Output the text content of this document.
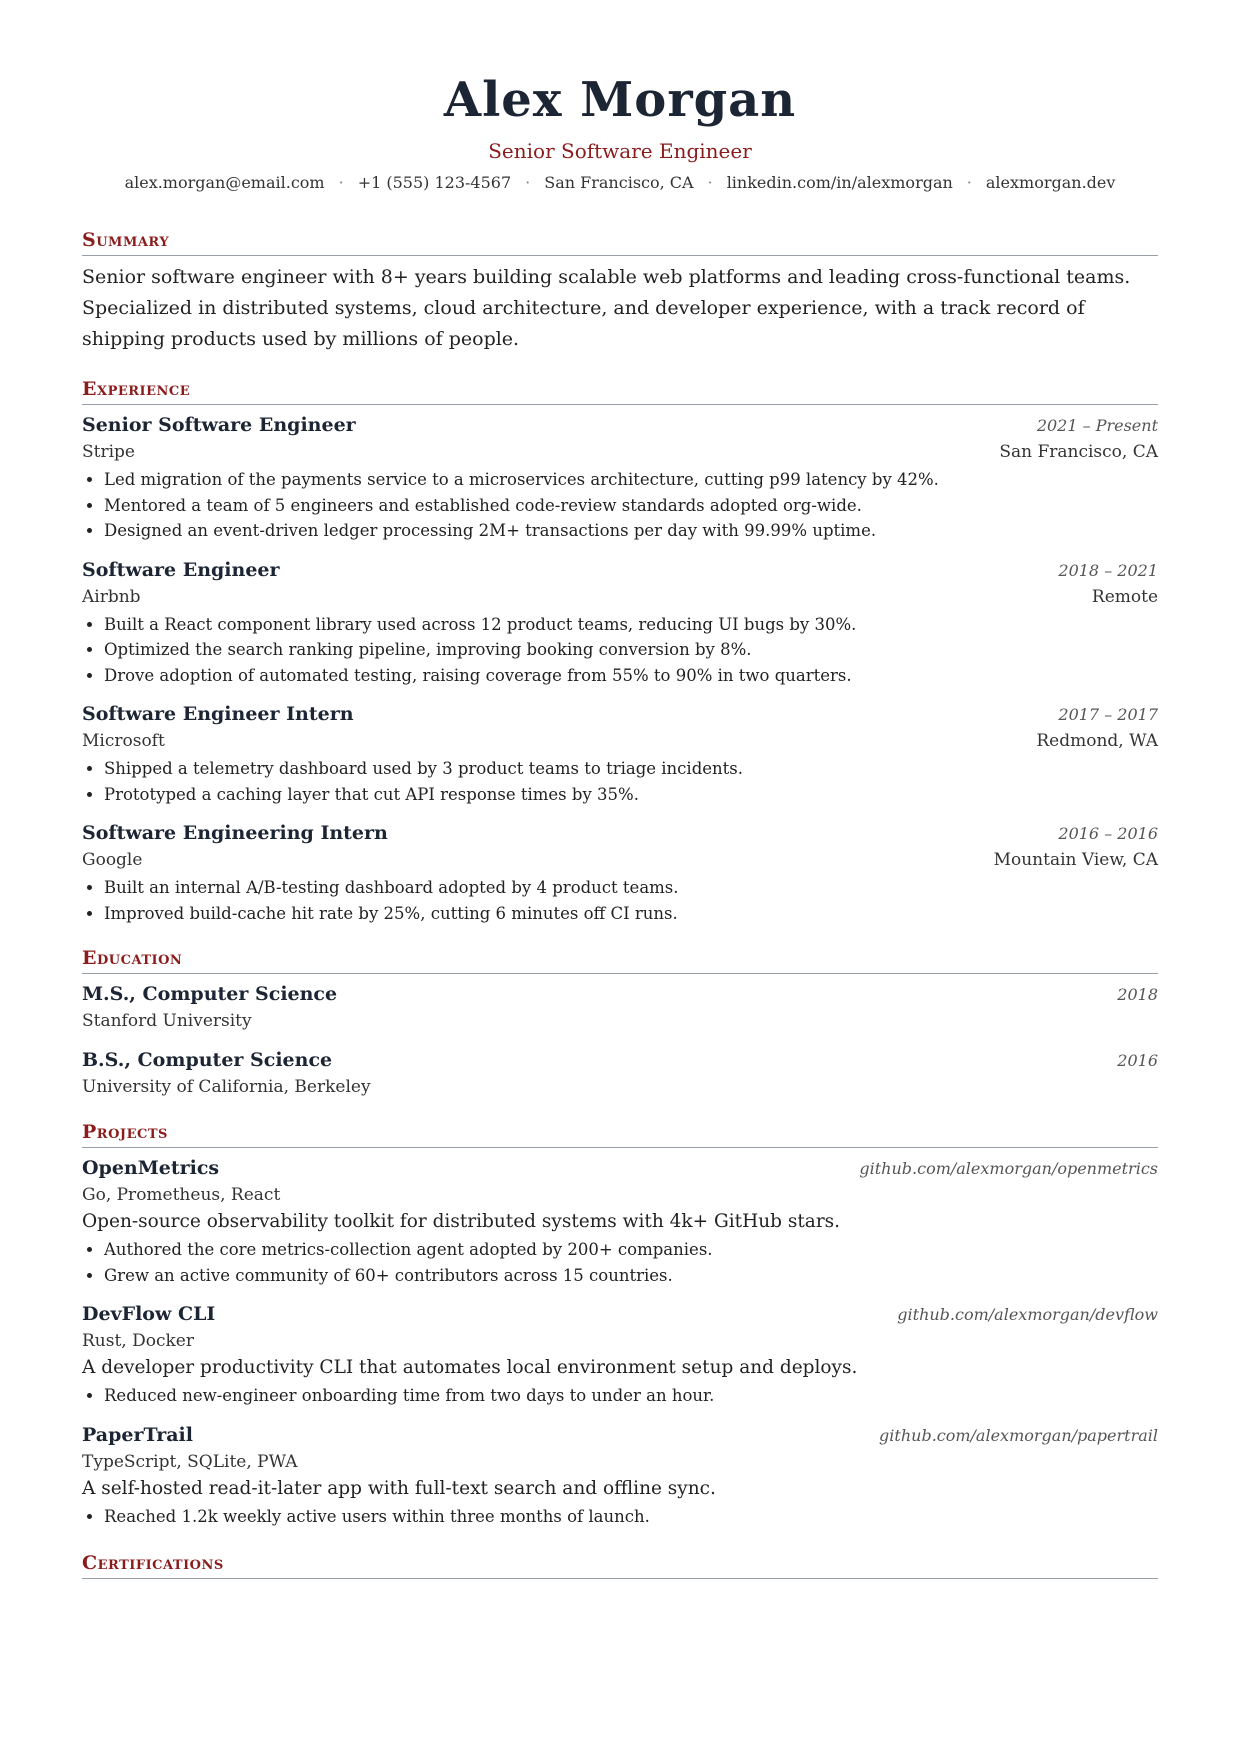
Alex Morgan
Senior Software Engineer
alex.morgan@email.com · +1 (555) 123-4567 · San Francisco, CA · linkedin.com/in/alexmorgan · alexmorgan.dev
Summary
Senior software engineer with 8+ years building scalable web platforms and leading cross-functional teams. Specialized in distributed systems, cloud architecture, and developer experience, with a track record of shipping products used by millions of people.
Experience
Senior Software Engineer	2021 – Present
Stripe	San Francisco, CA
• Led migration of the payments service to a microservices architecture, cutting p99 latency by 42%.
• Mentored a team of 5 engineers and established code-review standards adopted org-wide.
• Designed an event-driven ledger processing 2M+ transactions per day with 99.99% uptime.
Software Engineer	2018 – 2021
Airbnb	Remote
• Built a React component library used across 12 product teams, reducing UI bugs by 30%.
• Optimized the search ranking pipeline, improving booking conversion by 8%.
• Drove adoption of automated testing, raising coverage from 55% to 90% in two quarters.
Software Engineer Intern	2017 – 2017
Microsoft	Redmond, WA
• Shipped a telemetry dashboard used by 3 product teams to triage incidents.
• Prototyped a caching layer that cut API response times by 35%.
Software Engineering Intern	2016 – 2016
Google	Mountain View, CA
• Built an internal A/B-testing dashboard adopted by 4 product teams.
• Improved build-cache hit rate by 25%, cutting 6 minutes off CI runs.
Education
M.S., Computer Science	2018
Stanford University
B.S., Computer Science	2016
University of California, Berkeley
Projects
OpenMetrics	github.com/alexmorgan/openmetrics
Go, Prometheus, React
Open-source observability toolkit for distributed systems with 4k+ GitHub stars.
• Authored the core metrics-collection agent adopted by 200+ companies.
• Grew an active community of 60+ contributors across 15 countries.
DevFlow CLI	github.com/alexmorgan/devflow
Rust, Docker
A developer productivity CLI that automates local environment setup and deploys.
• Reduced new-engineer onboarding time from two days to under an hour.
PaperTrail	github.com/alexmorgan/papertrail
TypeScript, SQLite, PWA
A self-hosted read-it-later app with full-text search and offline sync.
• Reached 1.2k weekly active users within three months of launch.
Certifications
